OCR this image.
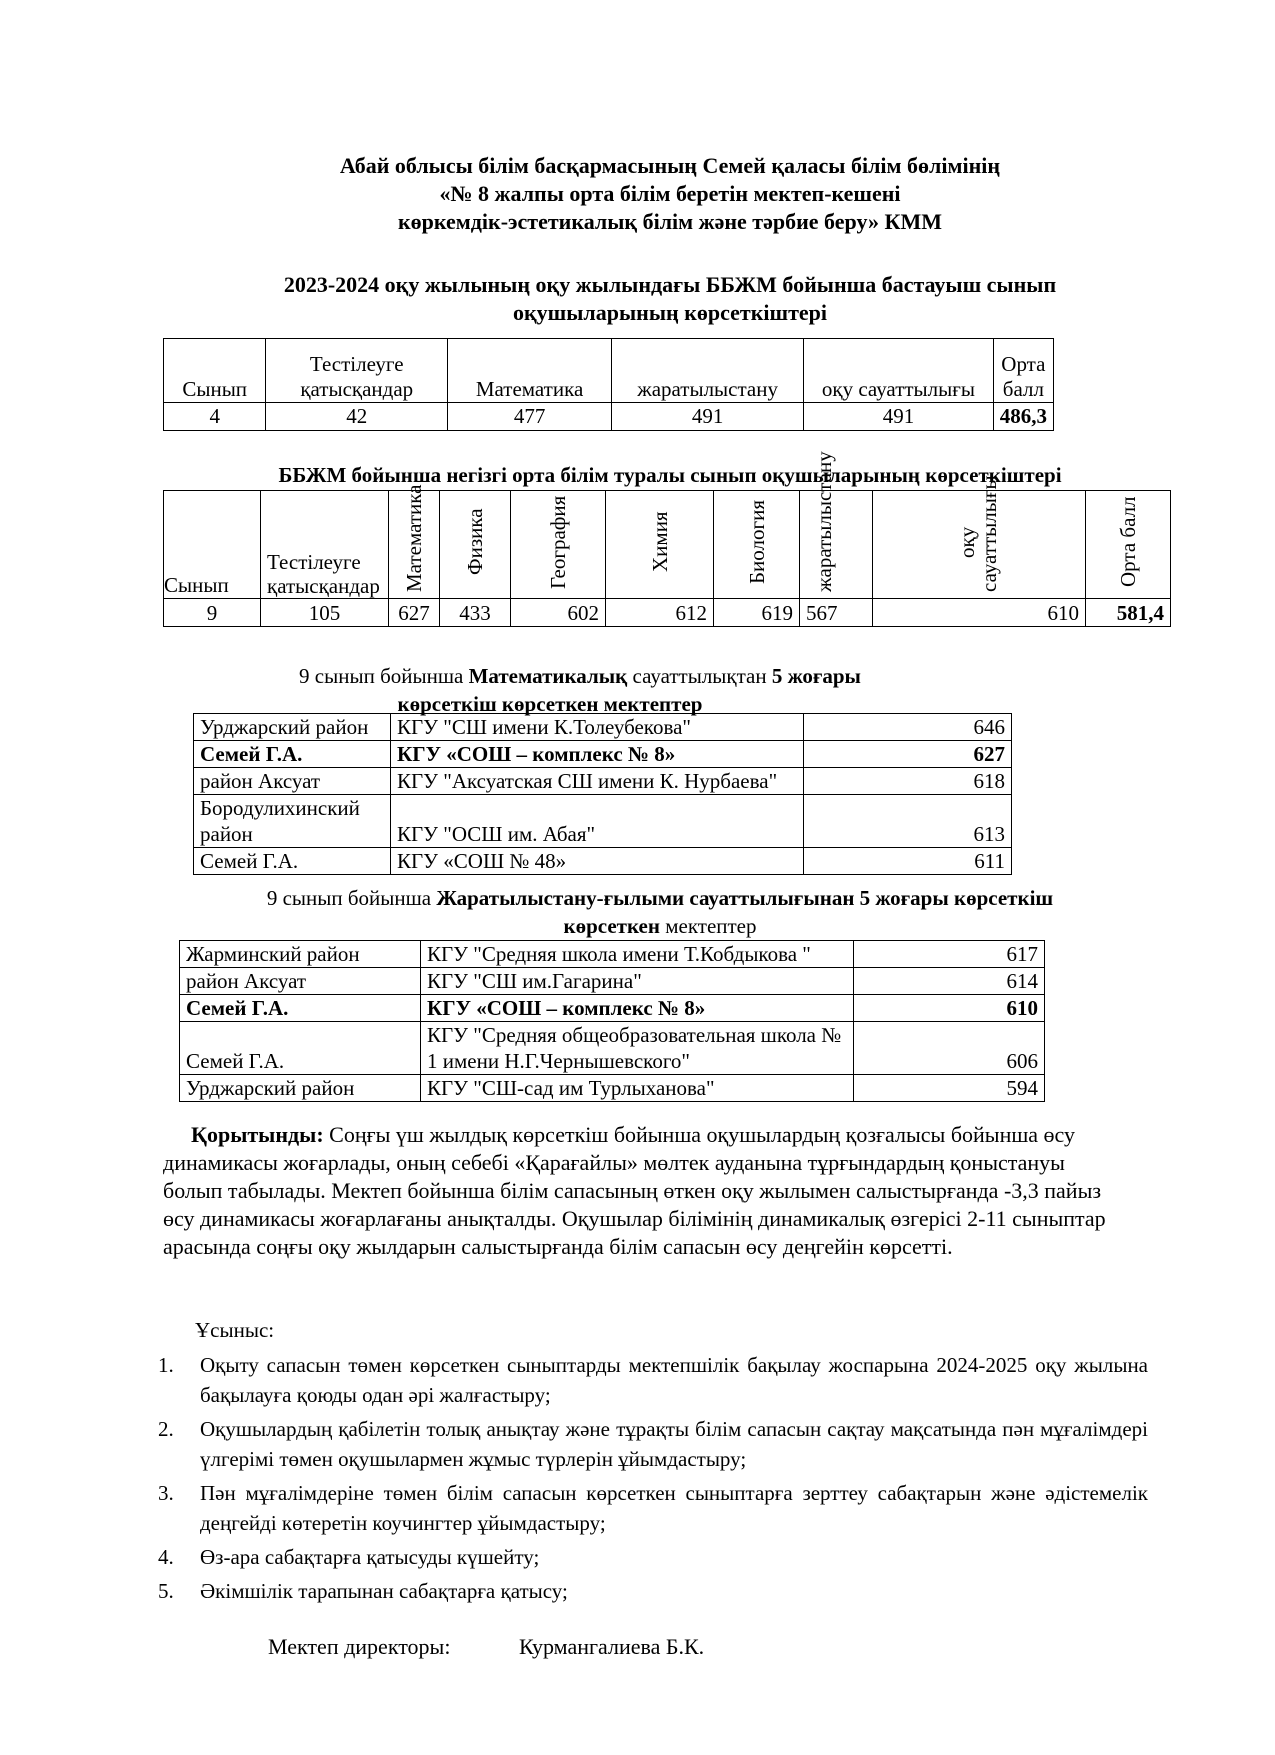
Абай облысы білім басқармасының Семей қаласы білім бөлімінің
«№ 8 жалпы орта білім беретін мектеп-кешені
көркемдік-эстетикалық білім және тәрбие беру» КММ
2023-2024 оқу жылының оқу жылындағы ББЖМ бойынша бастауыш сынып
оқушыларының көрсеткіштері
Сынып	Тестілеуге қатысқандар	Математика	жаратылыстану	оқу сауаттылығы	Орта балл
4	42	477	491	491	486,3
ББЖМ бойынша негізгі орта білім туралы сынып оқушыларының көрсеткіштері
Сынып	Тестілеуге қатысқандар	Математика	Физика	География	Химия	Биология	жаратылыстану	оқу сауаттылығы	Орта балл
9	105	627	433	602	612	619	567	610	581,4
9 сынып бойынша Математикалық сауаттылықтан 5 жоғары
көрсеткіш көрсеткен мектептер
Урджарский район	КГУ "СШ имени К.Толеубекова"	646
Семей Г.А.	КГУ «СОШ – комплекс № 8»	627
район Аксуат	КГУ "Аксуатская СШ имени К. Нурбаева"	618
Бородулихинский район	КГУ "ОСШ им. Абая"	613
Семей Г.А.	КГУ «СОШ № 48»	611
9 сынып бойынша Жаратылыстану-ғылыми сауаттылығынан 5 жоғары көрсеткіш
көрсеткен мектептер
Жарминский район	КГУ "Средняя школа имени Т.Кобдыкова "	617
район Аксуат	КГУ "СШ им.Гагарина"	614
Семей Г.А.	КГУ «СОШ – комплекс № 8»	610
Семей Г.А.	КГУ "Средняя общеобразовательная школа № 1 имени Н.Г.Чернышевского"	606
Урджарский район	КГУ "СШ-сад им Турлыханова"	594
Қорытынды: Соңғы үш жылдық көрсеткіш бойынша оқушылардың қозғалысы бойынша өсу динамикасы жоғарлады, оның себебі «Қарағайлы» мөлтек ауданына тұрғындардың қоныстануы болып табылады. Мектеп бойынша білім сапасының өткен оқу жылымен салыстырғанда -3,3 пайыз өсу динамикасы жоғарлағаны анықталды. Оқушылар білімінің динамикалық өзгерісі 2-11 сыныптар арасында соңғы оқу жылдарын салыстырғанда білім сапасын өсу деңгейін көрсетті.
Ұсыныс:
1. Оқыту сапасын төмен көрсеткен сыныптарды мектепшілік бақылау жоспарына 2024-2025 оқу жылына бақылауға қоюды одан әрі жалғастыру;
2. Оқушылардың қабілетін толық анықтау және тұрақты білім сапасын сақтау мақсатында пән мұғалімдері үлгерімі төмен оқушылармен жұмыс түрлерін ұйымдастыру;
3. Пән мұғалімдеріне төмен білім сапасын көрсеткен сыныптарға зерттеу сабақтарын және әдістемелік деңгейді көтеретін коучингтер ұйымдастыру;
4. Өз-ара сабақтарға қатысуды күшейту;
5. Әкімшілік тарапынан сабақтарға қатысу;
Мектеп директоры:	Курмангалиева Б.К.
